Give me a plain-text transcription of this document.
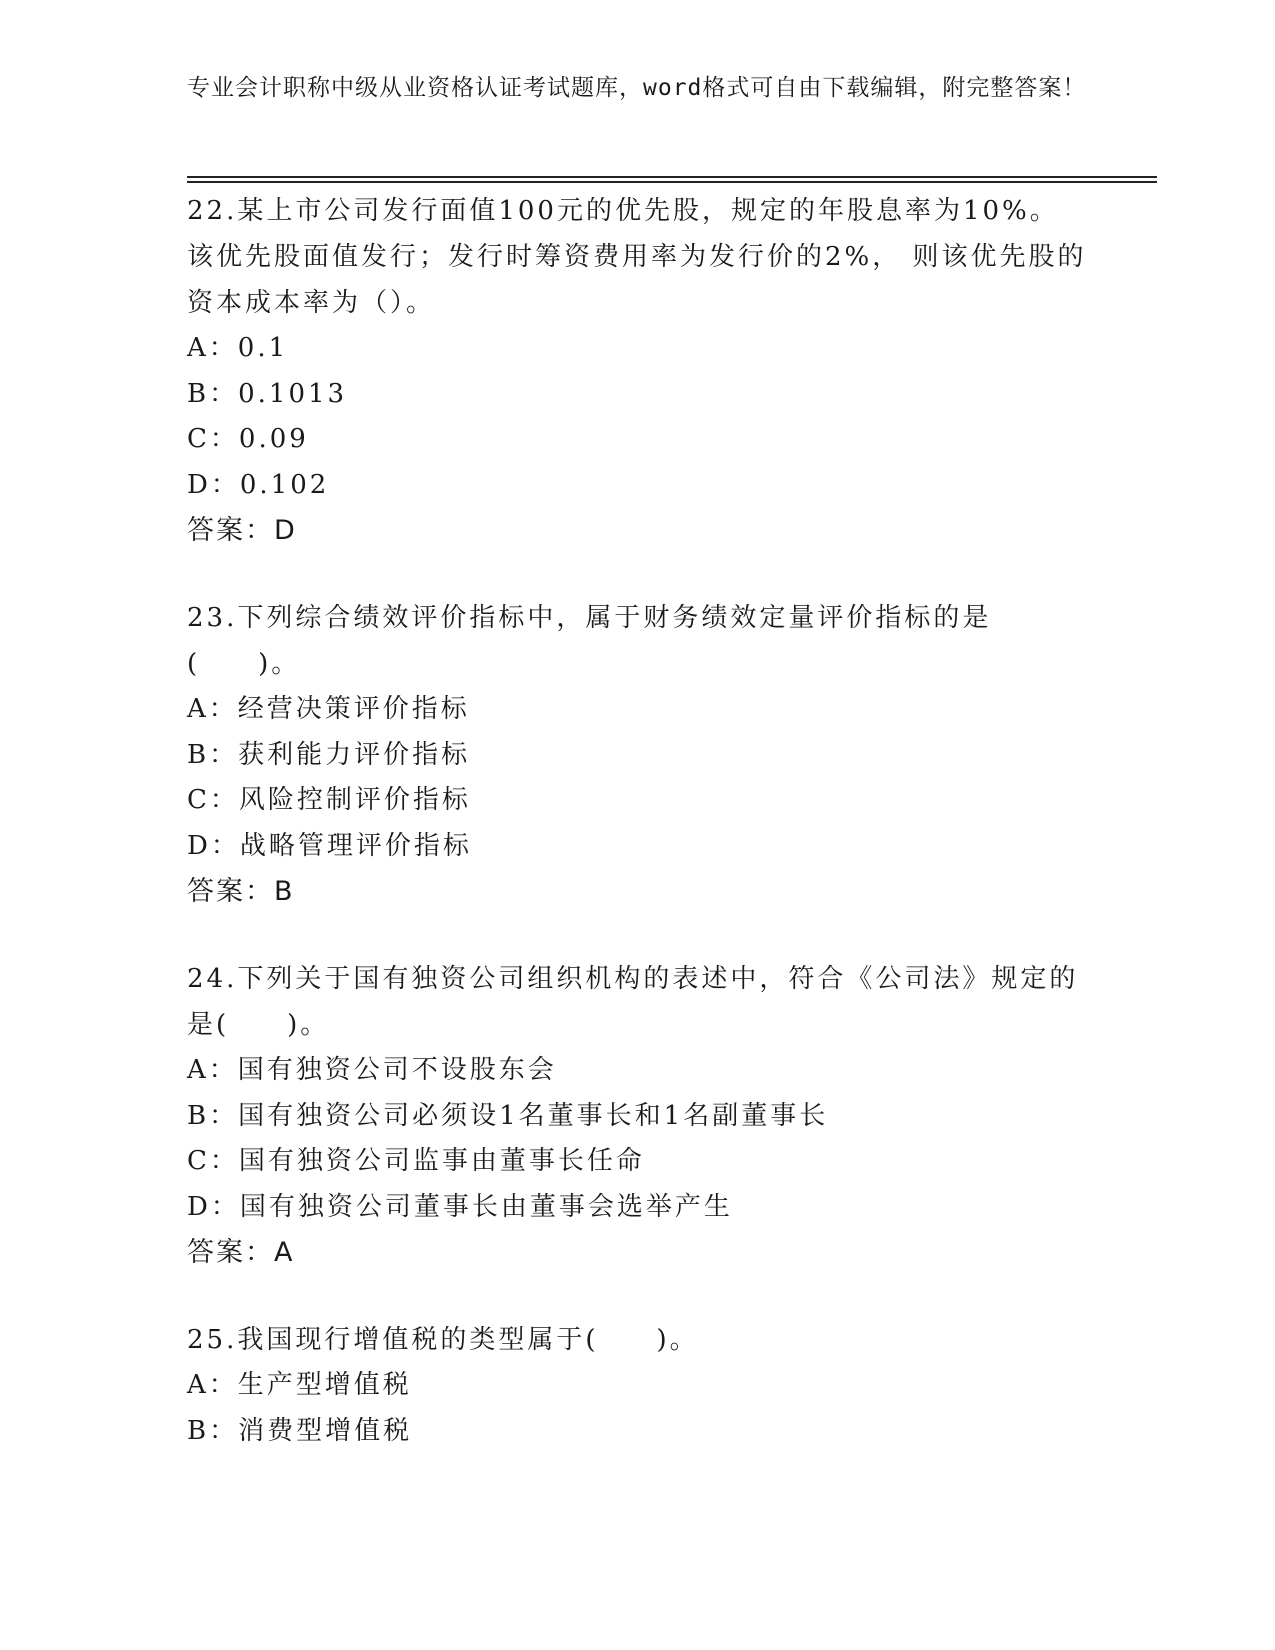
专业会计职称中级从业资格认证考试题库，word格式可自由下载编辑，附完整答案！

22.某上市公司发行面值100元的优先股，规定的年股息率为10%。该优先股面值发行；发行时筹资费用率为发行价的2%， 则该优先股的资本成本率为（）。

A：0.1

B：0.1013

C：0.09

D：0.102

答案：D

23.下列综合绩效评价指标中，属于财务绩效定量评价指标的是(　　)。

A：经营决策评价指标

B：获利能力评价指标

C：风险控制评价指标

D：战略管理评价指标

答案：B

24.下列关于国有独资公司组织机构的表述中，符合《公司法》规定的是(　　)。

A：国有独资公司不设股东会

B：国有独资公司必须设1名董事长和1名副董事长

C：国有独资公司监事由董事长任命

D：国有独资公司董事长由董事会选举产生

答案：A

25.我国现行增值税的类型属于(　　)。

A：生产型增值税

B：消费型增值税
